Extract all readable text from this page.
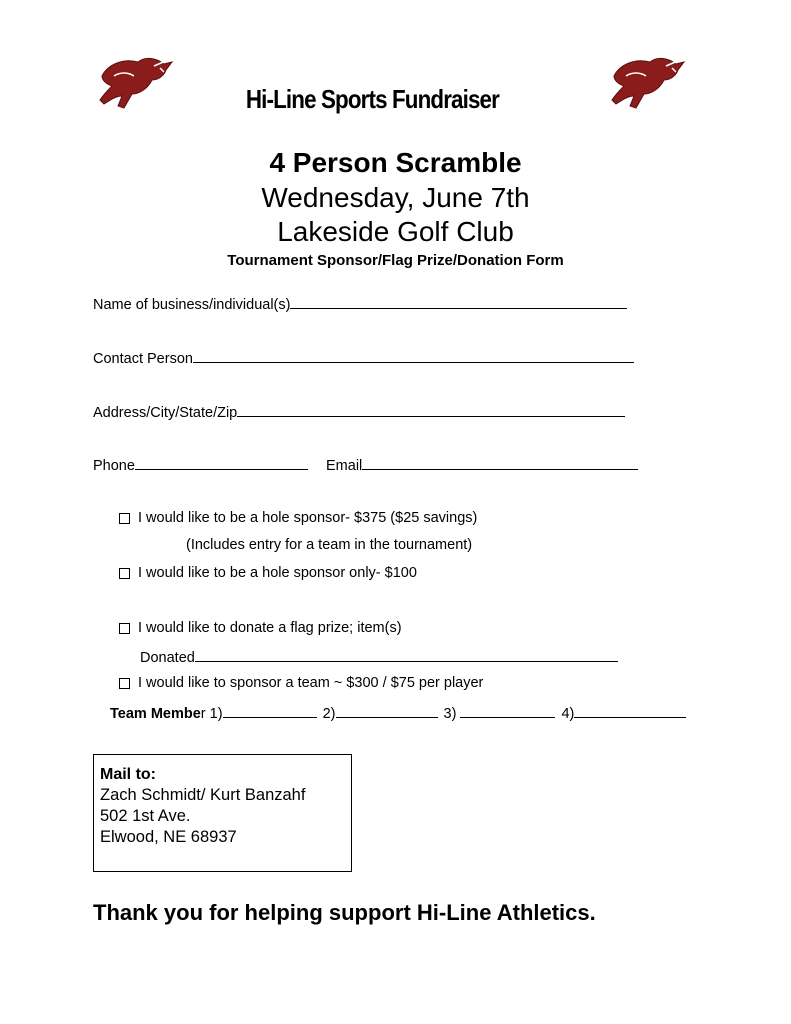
Hi-Line Sports Fundraiser
4 Person Scramble
Wednesday, June 7th
Lakeside Golf Club
Tournament Sponsor/Flag Prize/Donation Form
Name of business/individual(s)
Contact Person
Address/City/State/Zip
Phone	Email
I would like to be a hole sponsor- $375 ($25 savings)
(Includes entry for a team in the tournament)
I would like to be a hole sponsor only- $100
I would like to donate a flag prize; item(s)
Donated
I would like to sponsor a team ~ $300 / $75 per player
Team Member 1)	2)	3)	4)
Mail to:
Zach Schmidt/ Kurt Banzahf
502 1st Ave.
Elwood, NE 68937
Thank you for helping support Hi-Line Athletics.
